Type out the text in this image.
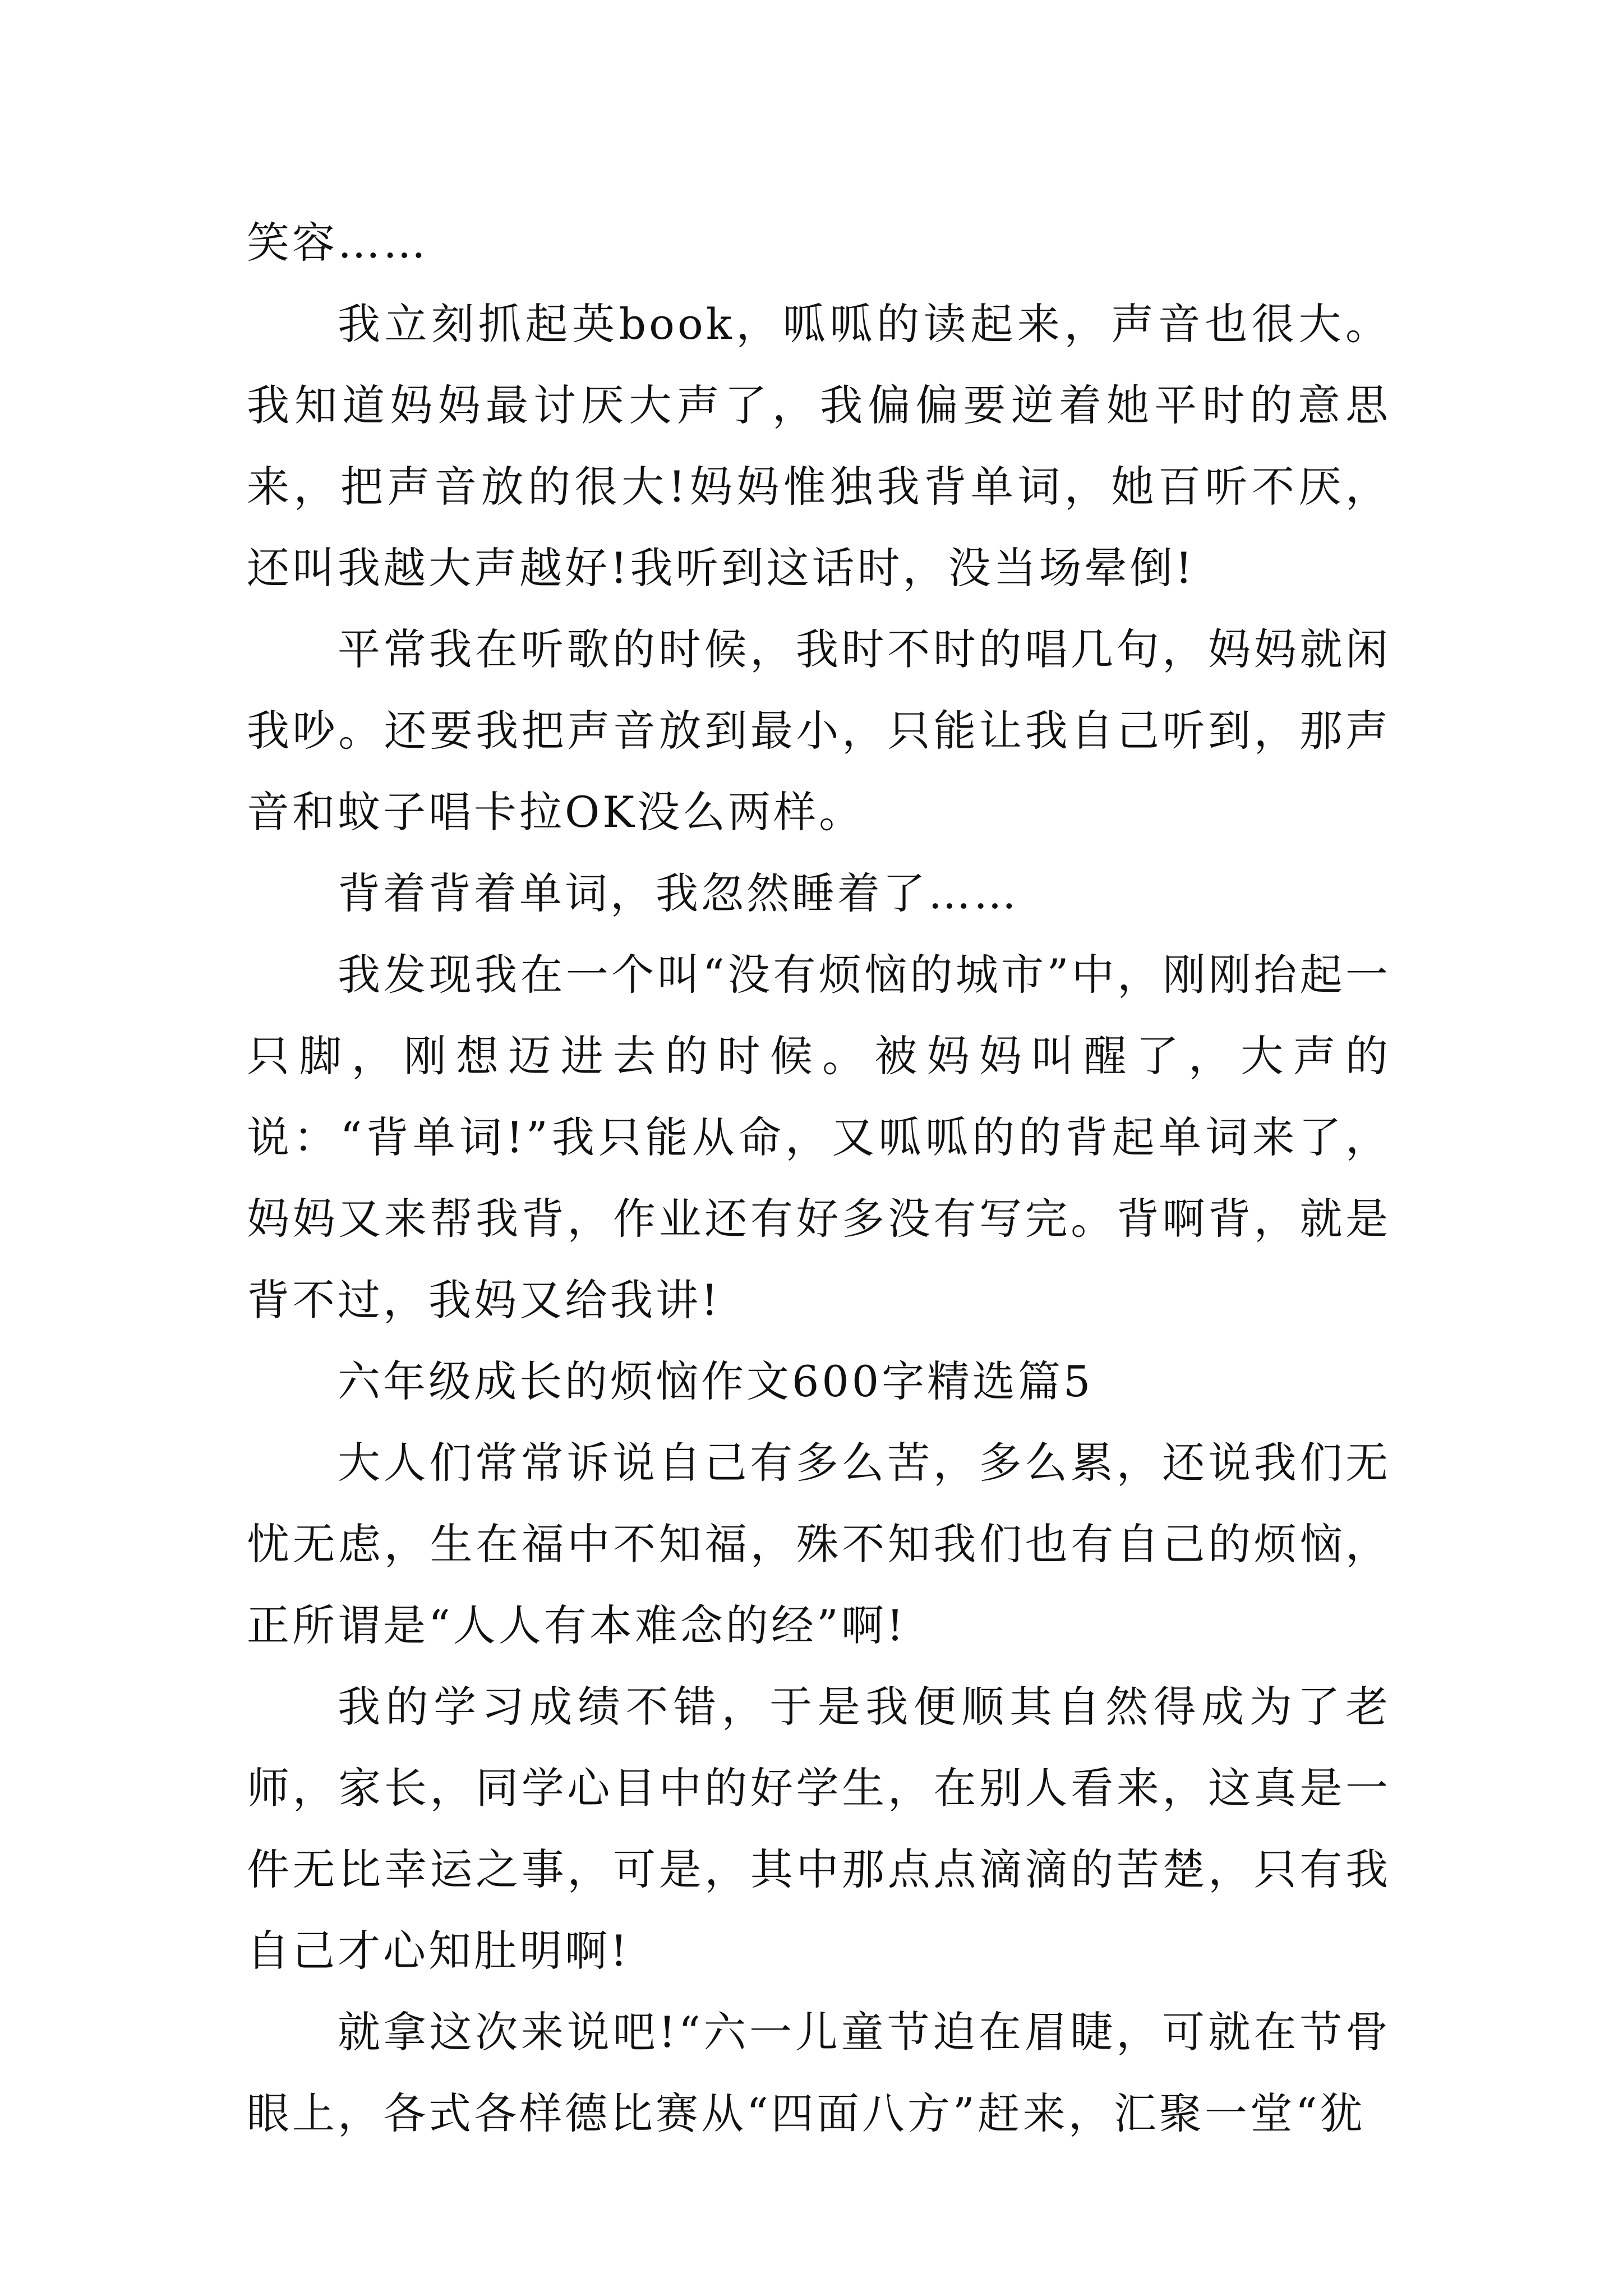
笑容……

我立刻抓起英book，呱呱的读起来，声音也很大。我知道妈妈最讨厌大声了，我偏偏要逆着她平时的意思来，把声音放的很大!妈妈惟独我背单词，她百听不厌，还叫我越大声越好!我听到这话时，没当场晕倒!

平常我在听歌的时候，我时不时的唱几句，妈妈就闲我吵。还要我把声音放到最小，只能让我自己听到，那声音和蚊子唱卡拉OK没么两样。

背着背着单词，我忽然睡着了……

我发现我在一个叫“没有烦恼的城市”中，刚刚抬起一只脚，刚想迈进去的时候。被妈妈叫醒了，大声的说：“背单词!”我只能从命，又呱呱的的背起单词来了，妈妈又来帮我背，作业还有好多没有写完。背啊背，就是背不过，我妈又给我讲!

六年级成长的烦恼作文600字精选篇5

大人们常常诉说自己有多么苦，多么累，还说我们无忧无虑，生在福中不知福，殊不知我们也有自己的烦恼，正所谓是“人人有本难念的经”啊!

我的学习成绩不错，于是我便顺其自然得成为了老师，家长，同学心目中的好学生，在别人看来，这真是一件无比幸运之事，可是，其中那点点滴滴的苦楚，只有我自己才心知肚明啊!

就拿这次来说吧!“六一儿童节迫在眉睫，可就在节骨眼上，各式各样德比赛从“四面八方”赶来，汇聚一堂“犹
